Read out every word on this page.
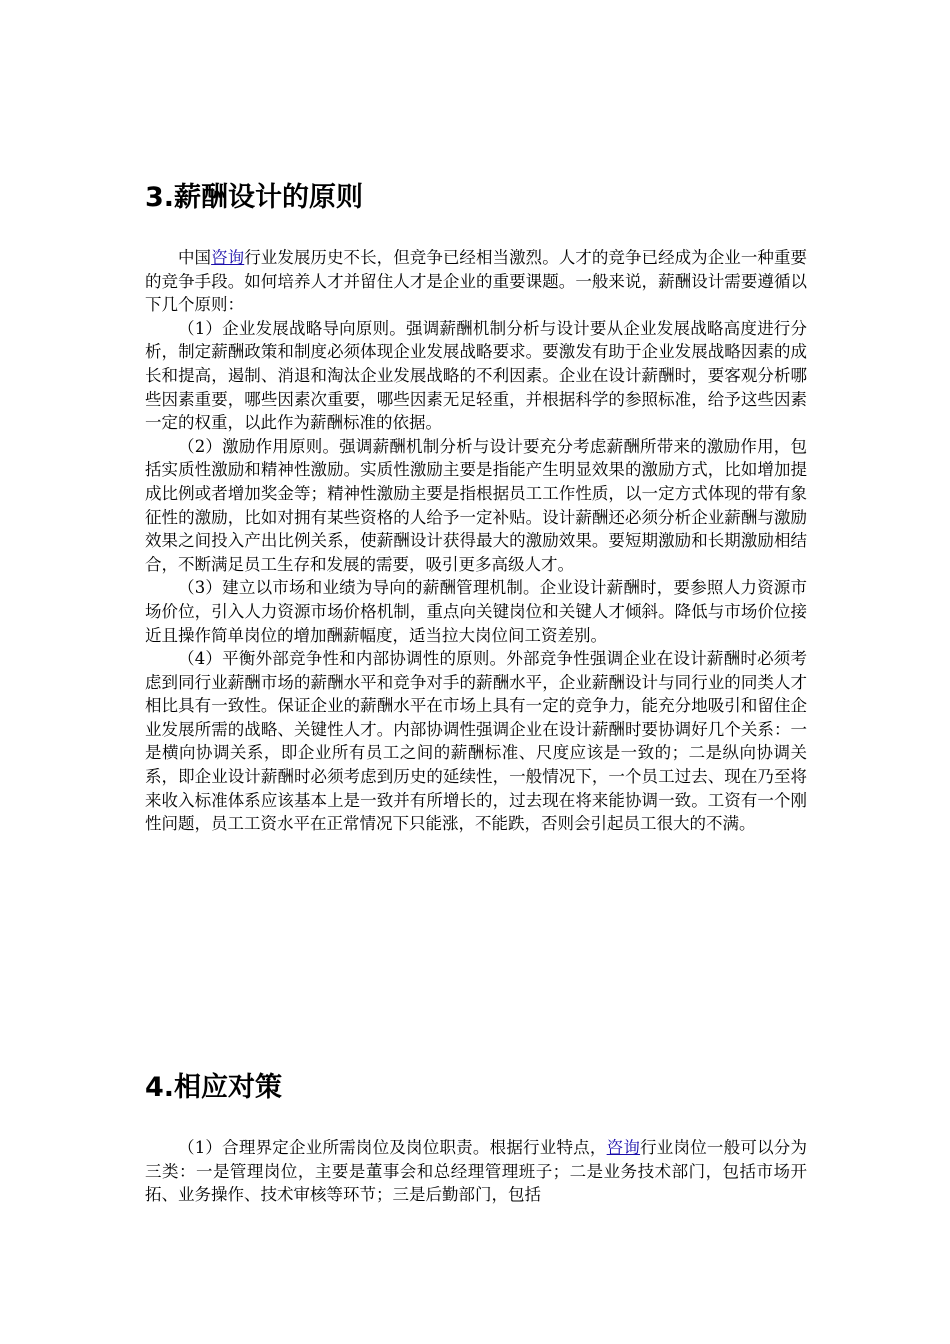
3.薪酬设计的原则

中国咨询行业发展历史不长，但竞争已经相当激烈。人才的竞争已经成为企业一种重要的竞争手段。如何培养人才并留住人才是企业的重要课题。一般来说，薪酬设计需要遵循以下几个原则：

（1）企业发展战略导向原则。强调薪酬机制分析与设计要从企业发展战略高度进行分析，制定薪酬政策和制度必须体现企业发展战略要求。要激发有助于企业发展战略因素的成长和提高，遏制、消退和淘汰企业发展战略的不利因素。企业在设计薪酬时，要客观分析哪些因素重要，哪些因素次重要，哪些因素无足轻重，并根据科学的参照标准，给予这些因素一定的权重，以此作为薪酬标准的依据。

（2）激励作用原则。强调薪酬机制分析与设计要充分考虑薪酬所带来的激励作用，包括实质性激励和精神性激励。实质性激励主要是指能产生明显效果的激励方式，比如增加提成比例或者增加奖金等；精神性激励主要是指根据员工工作性质，以一定方式体现的带有象征性的激励，比如对拥有某些资格的人给予一定补贴。设计薪酬还必须分析企业薪酬与激励效果之间投入产出比例关系，使薪酬设计获得最大的激励效果。要短期激励和长期激励相结合，不断满足员工生存和发展的需要，吸引更多高级人才。

（3）建立以市场和业绩为导向的薪酬管理机制。企业设计薪酬时，要参照人力资源市场价位，引入人力资源市场价格机制，重点向关键岗位和关键人才倾斜。降低与市场价位接近且操作简单岗位的增加酬薪幅度，适当拉大岗位间工资差别。

（4）平衡外部竞争性和内部协调性的原则。外部竞争性强调企业在设计薪酬时必须考虑到同行业薪酬市场的薪酬水平和竞争对手的薪酬水平，企业薪酬设计与同行业的同类人才相比具有一致性。保证企业的薪酬水平在市场上具有一定的竞争力，能充分地吸引和留住企业发展所需的战略、关键性人才。内部协调性强调企业在设计薪酬时要协调好几个关系：一是横向协调关系，即企业所有员工之间的薪酬标准、尺度应该是一致的；二是纵向协调关系，即企业设计薪酬时必须考虑到历史的延续性，一般情况下，一个员工过去、现在乃至将来收入标准体系应该基本上是一致并有所增长的，过去现在将来能协调一致。工资有一个刚性问题，员工工资水平在正常情况下只能涨，不能跌，否则会引起员工很大的不满。

4.相应对策

（1）合理界定企业所需岗位及岗位职责。根据行业特点，咨询行业岗位一般可以分为三类：一是管理岗位，主要是董事会和总经理管理班子；二是业务技术部门，包括市场开拓、业务操作、技术审核等环节；三是后勤部门，包括
